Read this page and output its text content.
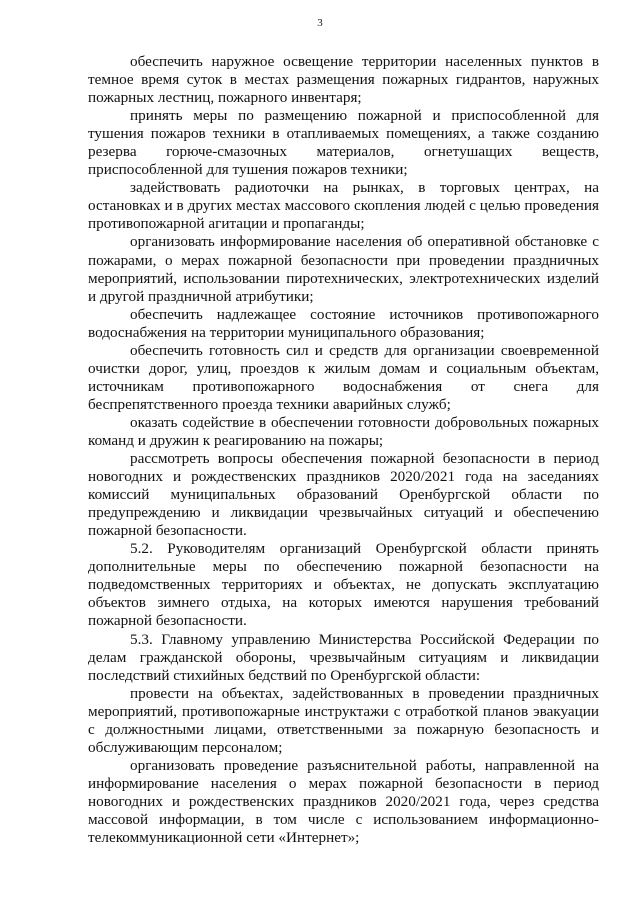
3

обеспечить наружное освещение территории населенных пунктов в темное время суток в местах размещения пожарных гидрантов, наружных пожарных лестниц, пожарного инвентаря;

принять меры по размещению пожарной и приспособленной для тушения пожаров техники в отапливаемых помещениях, а также созданию резерва горюче-смазочных материалов, огнетушащих веществ, приспособленной для тушения пожаров техники;

задействовать радиоточки на рынках, в торговых центрах, на остановках и в других местах массового скопления людей с целью проведения противопожарной агитации и пропаганды;

организовать информирование населения об оперативной обстановке с пожарами, о мерах пожарной безопасности при проведении праздничных мероприятий, использовании пиротехнических, электротехнических изделий и другой праздничной атрибутики;

обеспечить надлежащее состояние источников противопожарного водоснабжения на территории муниципального образования;

обеспечить готовность сил и средств для организации своевременной очистки дорог, улиц, проездов к жилым домам и социальным объектам, источникам противопожарного водоснабжения от снега для беспрепятственного проезда техники аварийных служб;

оказать содействие в обеспечении готовности добровольных пожарных команд и дружин к реагированию на пожары;

рассмотреть вопросы обеспечения пожарной безопасности в период новогодних и рождественских праздников 2020/2021 года на заседаниях комиссий муниципальных образований Оренбургской области по предупреждению и ликвидации чрезвычайных ситуаций и обеспечению пожарной безопасности.

5.2. Руководителям организаций Оренбургской области принять дополнительные меры по обеспечению пожарной безопасности на подведомственных территориях и объектах, не допускать эксплуатацию объектов зимнего отдыха, на которых имеются нарушения требований пожарной безопасности.

5.3. Главному управлению Министерства Российской Федерации по делам гражданской обороны, чрезвычайным ситуациям и ликвидации последствий стихийных бедствий по Оренбургской области:

провести на объектах, задействованных в проведении праздничных мероприятий, противопожарные инструктажи с отработкой планов эвакуации с должностными лицами, ответственными за пожарную безопасность и обслуживающим персоналом;

организовать проведение разъяснительной работы, направленной на информирование населения о мерах пожарной безопасности в период новогодних и рождественских праздников 2020/2021 года, через средства массовой информации, в том числе с использованием информационно-телекоммуникационной сети «Интернет»;
